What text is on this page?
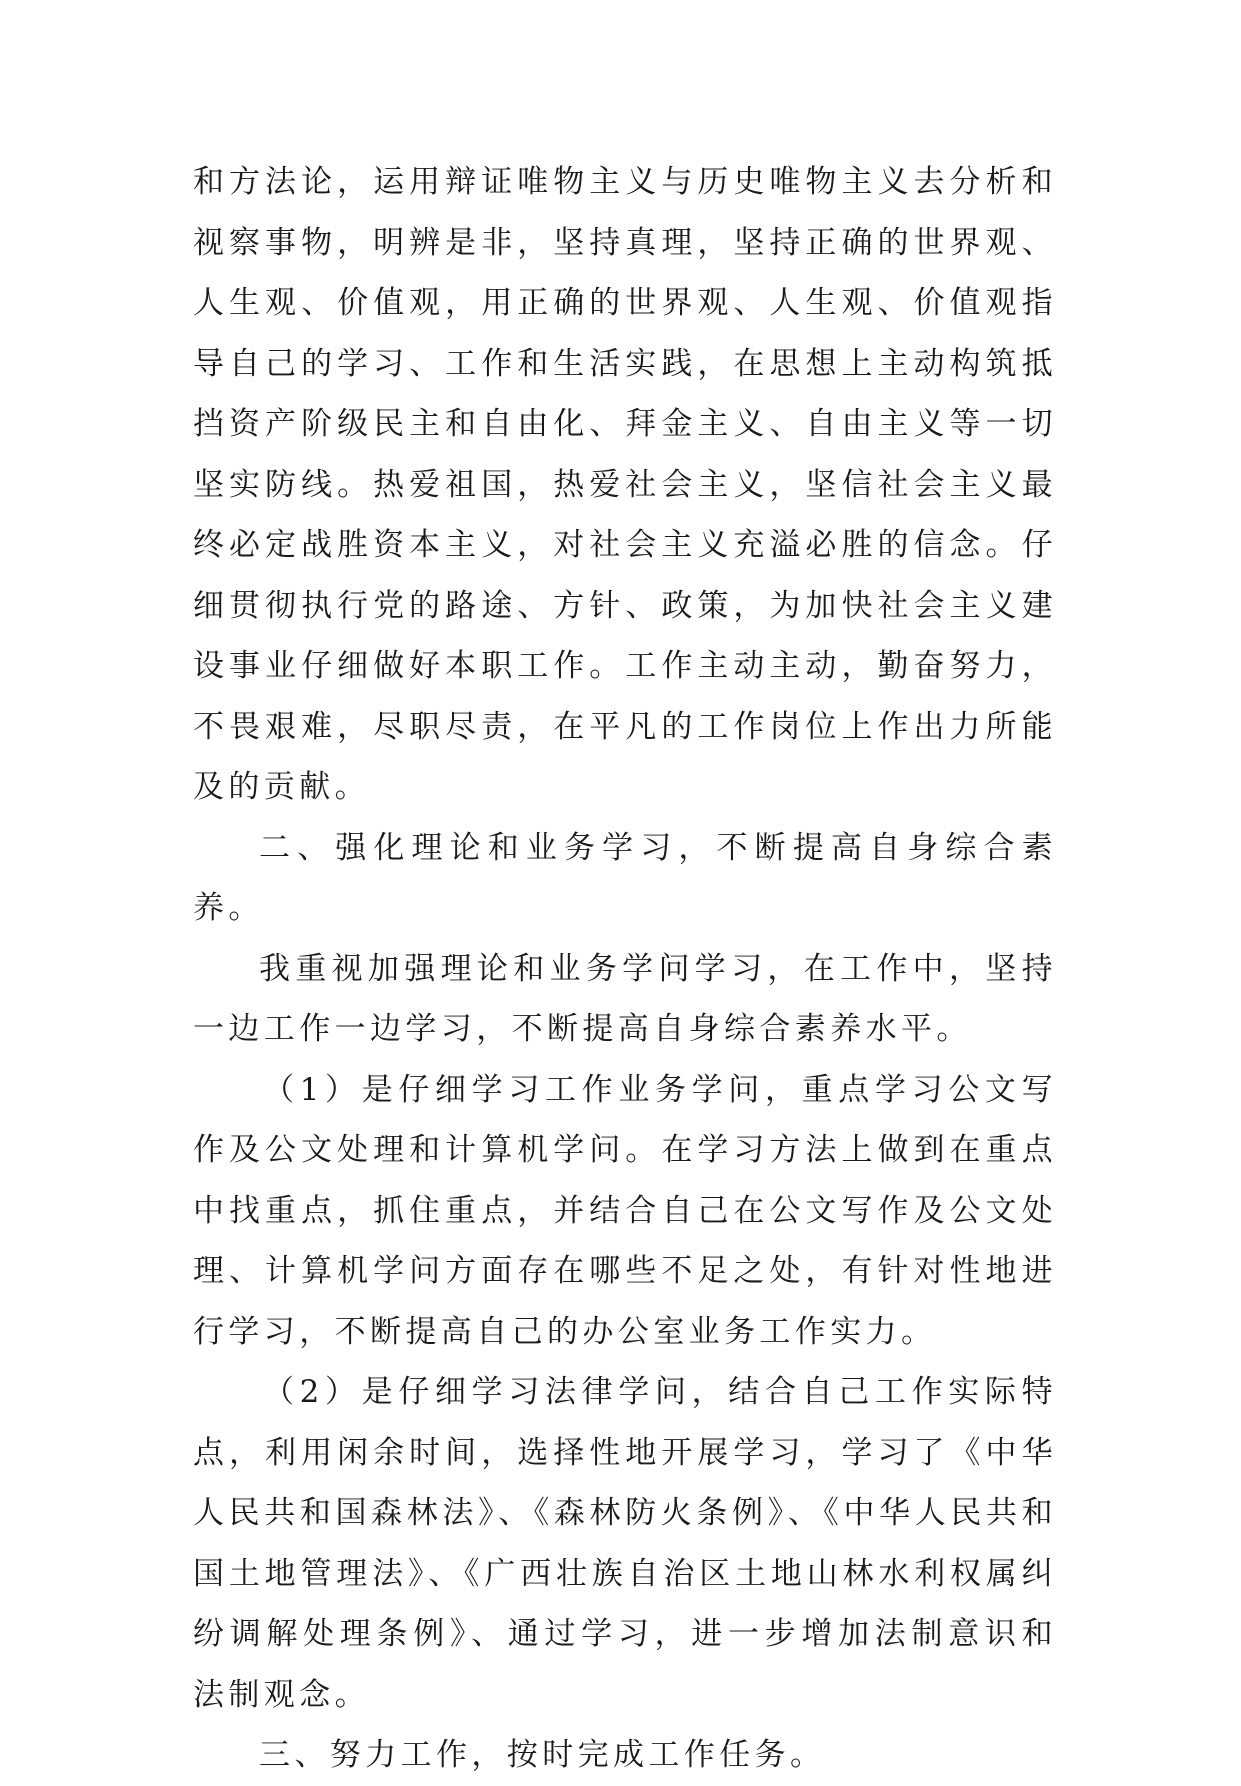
和方法论，运用辩证唯物主义与历史唯物主义去分析和视察事物，明辨是非，坚持真理，坚持正确的世界观、人生观、价值观，用正确的世界观、人生观、价值观指导自己的学习、工作和生活实践，在思想上主动构筑抵挡资产阶级民主和自由化、拜金主义、自由主义等一切坚实防线。热爱祖国，热爱社会主义，坚信社会主义最终必定战胜资本主义，对社会主义充溢必胜的信念。仔细贯彻执行党的路途、方针、政策，为加快社会主义建设事业仔细做好本职工作。工作主动主动，勤奋努力，不畏艰难，尽职尽责，在平凡的工作岗位上作出力所能及的贡献。

二、强化理论和业务学习，不断提高自身综合素养。

我重视加强理论和业务学问学习，在工作中，坚持一边工作一边学习，不断提高自身综合素养水平。

（1）是仔细学习工作业务学问，重点学习公文写作及公文处理和计算机学问。在学习方法上做到在重点中找重点，抓住重点，并结合自己在公文写作及公文处理、计算机学问方面存在哪些不足之处，有针对性地进行学习，不断提高自己的办公室业务工作实力。

（2）是仔细学习法律学问，结合自己工作实际特点，利用闲余时间，选择性地开展学习，学习了《中华人民共和国森林法》、《森林防火条例》、《中华人民共和国土地管理法》、《广西壮族自治区土地山林水利权属纠纷调解处理条例》、通过学习，进一步增加法制意识和法制观念。

三、努力工作，按时完成工作任务。
